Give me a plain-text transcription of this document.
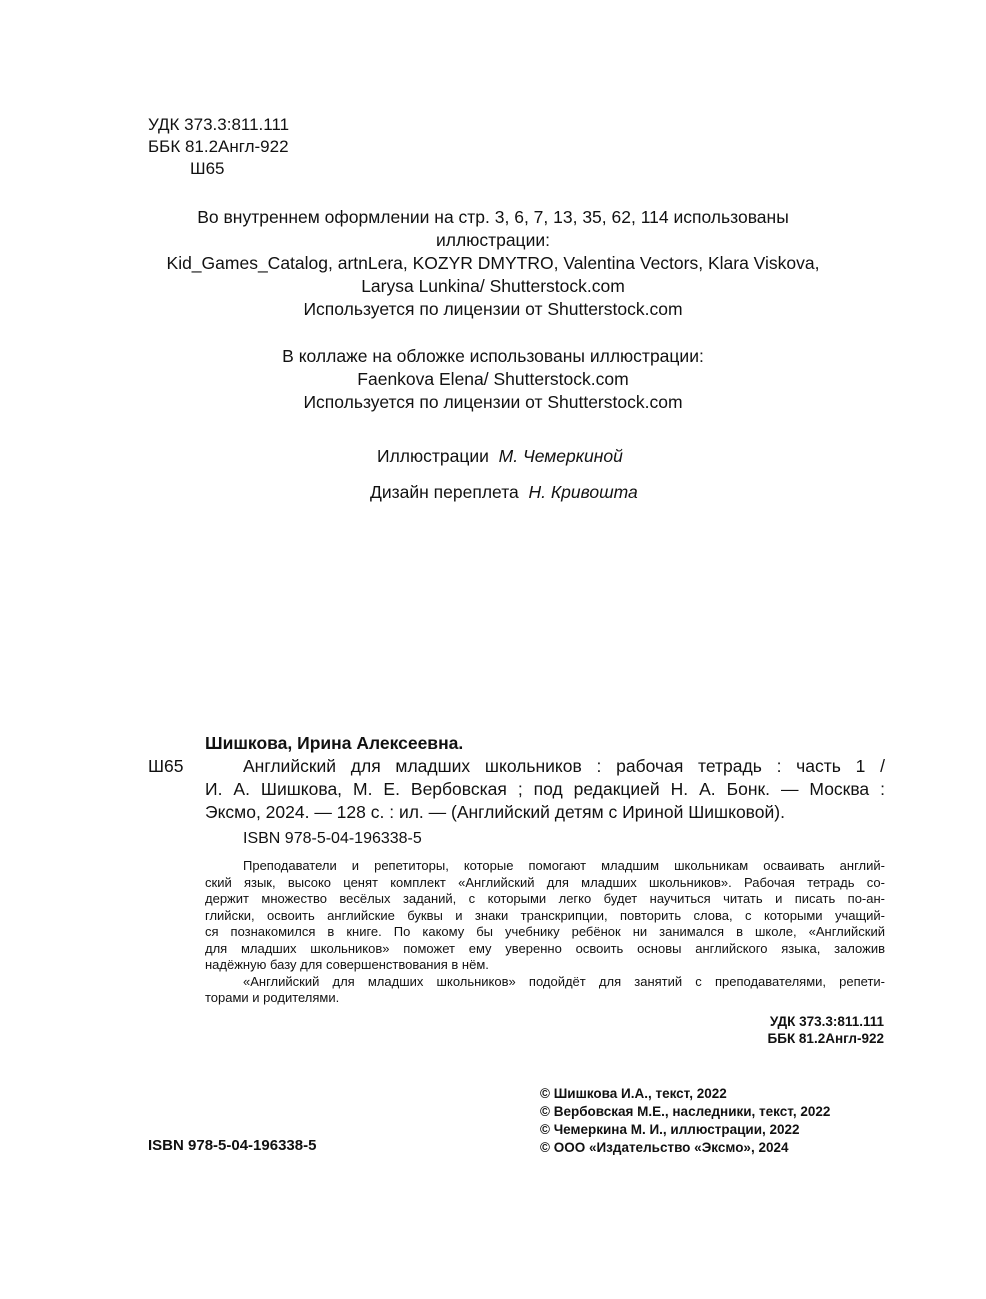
УДК 373.3:811.111
ББК 81.2Англ-922
Ш65
Во внутреннем оформлении на стр. 3, 6, 7, 13, 35, 62, 114 использованы
иллюстрации:
Kid_Games_Catalog, artnLera, KOZYR DMYTRO, Valentina Vectors, Klara Viskova,
Larysa Lunkina/ Shutterstock.com
Используется по лицензии от Shutterstock.com
В коллаже на обложке использованы иллюстрации:
Faenkova Elena/ Shutterstock.com
Используется по лицензии от Shutterstock.com
Иллюстрации М. Чемеркиной
Дизайн переплета Н. Кривошта
Шишкова, Ирина Алексеевна.
Ш65	Английский для младших школьников : рабочая тетрадь : часть 1 /
И. А. Шишкова, М. Е. Вербовская ; под редакцией Н. А. Бонк. — Москва :
Эксмо, 2024. — 128 с. : ил. — (Английский детям с Ириной Шишковой).
ISBN 978-5-04-196338-5
Преподаватели и репетиторы, которые помогают младшим школьникам осваивать англий-
ский язык, высоко ценят комплект «Английский для младших школьников». Рабочая тетрадь со-
держит множество весёлых заданий, с которыми легко будет научиться читать и писать по-ан-
глийски, освоить английские буквы и знаки транскрипции, повторить слова, с которыми учащий-
ся познакомился в книге. По какому бы учебнику ребёнок ни занимался в школе, «Английский
для младших школьников» поможет ему уверенно освоить основы английского языка, заложив
надёжную базу для совершенствования в нём.
«Английский для младших школьников» подойдёт для занятий с преподавателями, репети-
торами и родителями.
УДК 373.3:811.111
ББК 81.2Англ-922
ISBN 978-5-04-196338-5
© Шишкова И.А., текст, 2022
© Вербовская М.Е., наследники, текст, 2022
© Чемеркина М. И., иллюстрации, 2022
© ООО «Издательство «Эксмо», 2024
